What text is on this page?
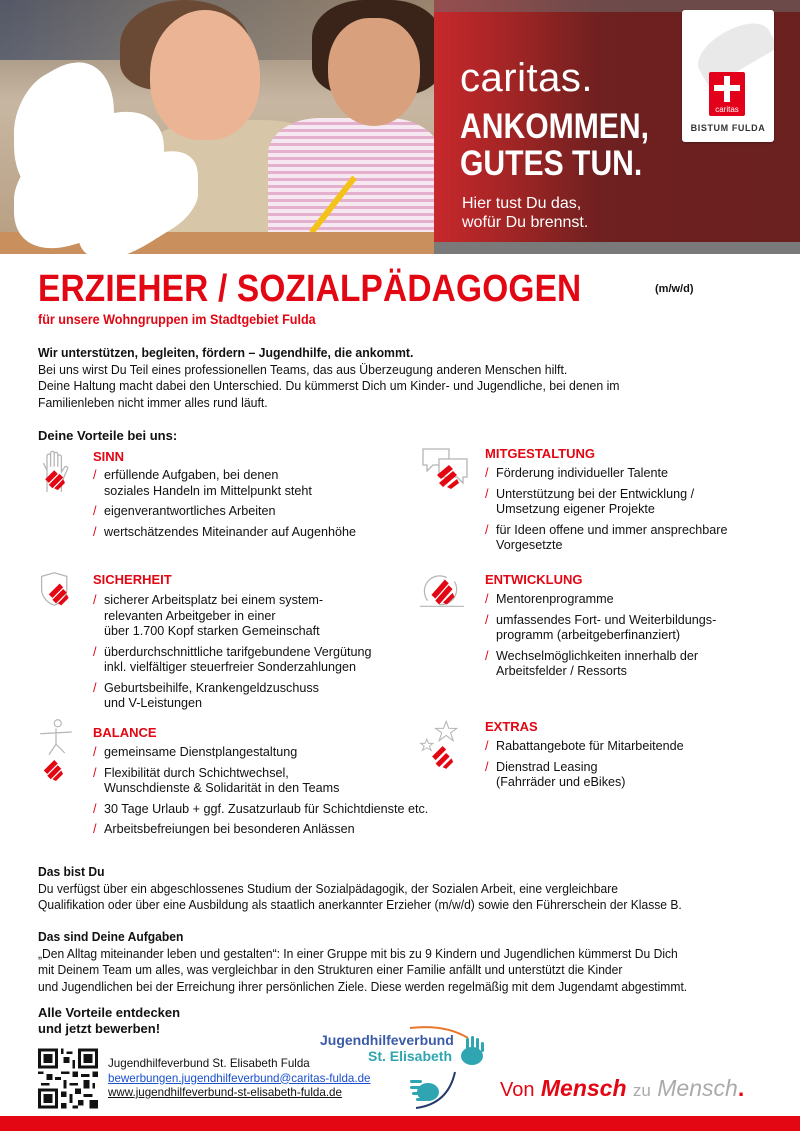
caritas.
ANKOMMEN,
GUTES TUN.
Hier tust Du das,
wofür Du brennst.
caritas
BISTUM FULDA
ERZIEHER / SOZIALPÄDAGOGEN	(m/w/d)
für unsere Wohngruppen im Stadtgebiet Fulda
Wir unterstützen, begleiten, fördern – Jugendhilfe, die ankommt.
Bei uns wirst Du Teil eines professionellen Teams, das aus Überzeugung anderen Menschen hilft.
Deine Haltung macht dabei den Unterschied. Du kümmerst Dich um Kinder- und Jugendliche, bei denen im
Familienleben nicht immer alles rund läuft.
Deine Vorteile bei uns:
SINN
/ erfüllende Aufgaben, bei denen
soziales Handeln im Mittelpunkt steht
/ eigenverantwortliches Arbeiten
/ wertschätzendes Miteinander auf Augenhöhe
MITGESTALTUNG
/ Förderung individueller Talente
/ Unterstützung bei der Entwicklung /
Umsetzung eigener Projekte
/ für Ideen offene und immer ansprechbare
Vorgesetzte
SICHERHEIT
/ sicherer Arbeitsplatz bei einem system-
relevanten Arbeitgeber in einer
über 1.700 Kopf starken Gemeinschaft
/ überdurchschnittliche tarifgebundene Vergütung
inkl. vielfältiger steuerfreier Sonderzahlungen
/ Geburtsbeihilfe, Krankengeldzuschuss
und V-Leistungen
ENTWICKLUNG
/ Mentorenprogramme
/ umfassendes Fort- und Weiterbildungs-
programm (arbeitgeberfinanziert)
/ Wechselmöglichkeiten innerhalb der
Arbeitsfelder / Ressorts
BALANCE
/ gemeinsame Dienstplangestaltung
/ Flexibilität durch Schichtwechsel,
Wunschdienste & Solidarität in den Teams
/ 30 Tage Urlaub + ggf. Zusatzurlaub für Schichtdienste etc.
/ Arbeitsbefreiungen bei besonderen Anlässen
EXTRAS
/ Rabattangebote für Mitarbeitende
/ Dienstrad Leasing
(Fahrräder und eBikes)
Das bist Du
Du verfügst über ein abgeschlossenes Studium der Sozialpädagogik, der Sozialen Arbeit, eine vergleichbare
Qualifikation oder über eine Ausbildung als staatlich anerkannter Erzieher (m/w/d) sowie den Führerschein der Klasse B.
Das sind Deine Aufgaben
„Den Alltag miteinander leben und gestalten“: In einer Gruppe mit bis zu 9 Kindern und Jugendlichen kümmerst Du Dich
mit Deinem Team um alles, was vergleichbar in den Strukturen einer Familie anfällt und unterstützt die Kinder
und Jugendlichen bei der Erreichung ihrer persönlichen Ziele. Diese werden regelmäßig mit dem Jugendamt abgestimmt.
Alle Vorteile entdecken
und jetzt bewerben!
Jugendhilfeverbund St. Elisabeth Fulda
bewerbungen.jugendhilfeverbund@caritas-fulda.de
www.jugendhilfeverbund-st-elisabeth-fulda.de
Jugendhilfeverbund
St. Elisabeth
Von Mensch zu Mensch.
